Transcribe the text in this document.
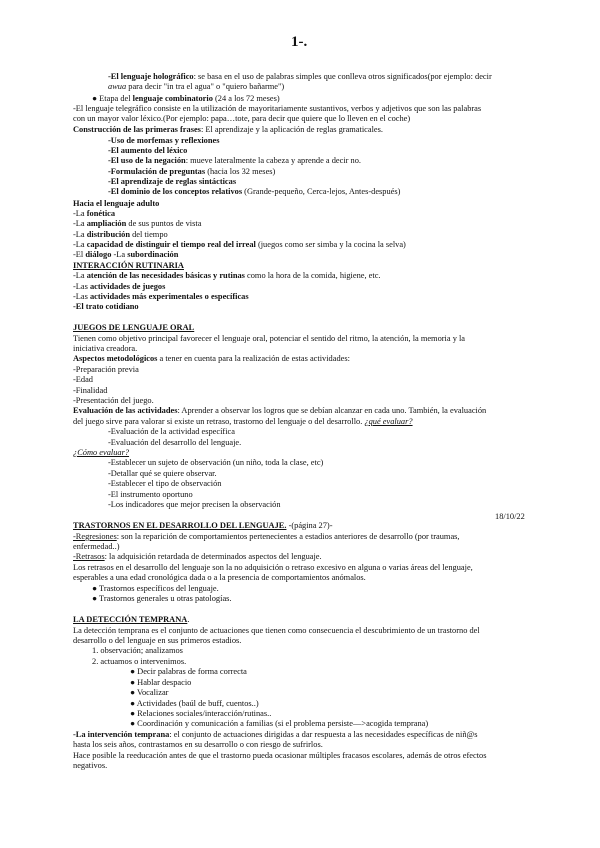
1-.
-El lenguaje holográfico: se basa en el uso de palabras simples que conlleva otros significados(por ejemplo: decir
awua para decir "in tra el agua" o "quiero bañarme")
● Etapa del lenguaje combinatorio (24 a los 72 meses)
-El lenguaje telegráfico consiste en la utilización de mayoritariamente sustantivos, verbos y adjetivos que son las palabras
con un mayor valor léxico.(Por ejemplo: papa…tote, para decir que quiere que lo lleven en el coche)
Construcción de las primeras frases: El aprendizaje y la aplicación de reglas gramaticales.
-Uso de morfemas y reflexiones
-El aumento del léxico
-El uso de la negación: mueve lateralmente la cabeza y aprende a decir no.
-Formulación de preguntas (hacia los 32 meses)
-El aprendizaje de reglas sintácticas
-El dominio de los conceptos relativos (Grande-pequeño, Cerca-lejos, Antes-después)
Hacia el lenguaje adulto
-La fonética
-La ampliación de sus puntos de vista
-La distribución del tiempo
-La capacidad de distinguir el tiempo real del irreal (juegos como ser simba y la cocina la selva)
-El diálogo -La subordinación
INTERACCIÓN RUTINARIA
-La atención de las necesidades básicas y rutinas como la hora de la comida, higiene, etc.
-Las actividades de juegos
-Las actividades más experimentales o específicas
-El trato cotidiano
JUEGOS DE LENGUAJE ORAL
Tienen como objetivo principal favorecer el lenguaje oral, potenciar el sentido del ritmo, la atención, la memoria y la
iniciativa creadora.
Aspectos metodológicos a tener en cuenta para la realización de estas actividades:
-Preparación previa
-Edad
-Finalidad
-Presentación del juego.
Evaluación de las actividades: Aprender a observar los logros que se debían alcanzar en cada uno. También, la evaluación
del juego sirve para valorar si existe un retraso, trastorno del lenguaje o del desarrollo. ¿qué evaluar?
-Evaluación de la actividad específica
-Evaluación del desarrollo del lenguaje.
¿Cómo evaluar?
-Establecer un sujeto de observación (un niño, toda la clase, etc)
-Detallar qué se quiere observar.
-Establecer el tipo de observación
-El instrumento oportuno
-Los indicadores que mejor precisen la observación
TRASTORNOS EN EL DESARROLLO DEL LENGUAJE. -(página 27)-
-Regresiones: son la reparición de comportamientos pertenecientes a estadios anteriores de desarrollo (por traumas,
enfermedad..)
-Retrasos: la adquisición retardada de determinados aspectos del lenguaje.
Los retrasos en el desarrollo del lenguaje son la no adquisición o retraso excesivo en alguna o varias áreas del lenguaje,
esperables a una edad cronológica dada o a la presencia de comportamientos anómalos.
● Trastornos específicos del lenguaje.
● Trastornos generales u otras patologías.
LA DETECCIÓN TEMPRANA.
La detección temprana es el conjunto de actuaciones que tienen como consecuencia el descubrimiento de un trastorno del
desarrollo o del lenguaje en sus primeros estadios.
1. observación; analizamos
2. actuamos o intervenimos.
● Decir palabras de forma correcta
● Hablar despacio
● Vocalizar
● Actividades (baúl de buff, cuentos..)
● Relaciones sociales/interacción/rutinas..
● Coordinación y comunicación a familias (si el problema persiste—>acogida temprana)
-La intervención temprana: el conjunto de actuaciones dirigidas a dar respuesta a las necesidades específicas de niñ@s
hasta los seis años, contrastamos en su desarrollo o con riesgo de sufrirlos.
Hace posible la reeducación antes de que el trastorno pueda ocasionar múltiples fracasos escolares, además de otros efectos
negativos.
18/10/22
